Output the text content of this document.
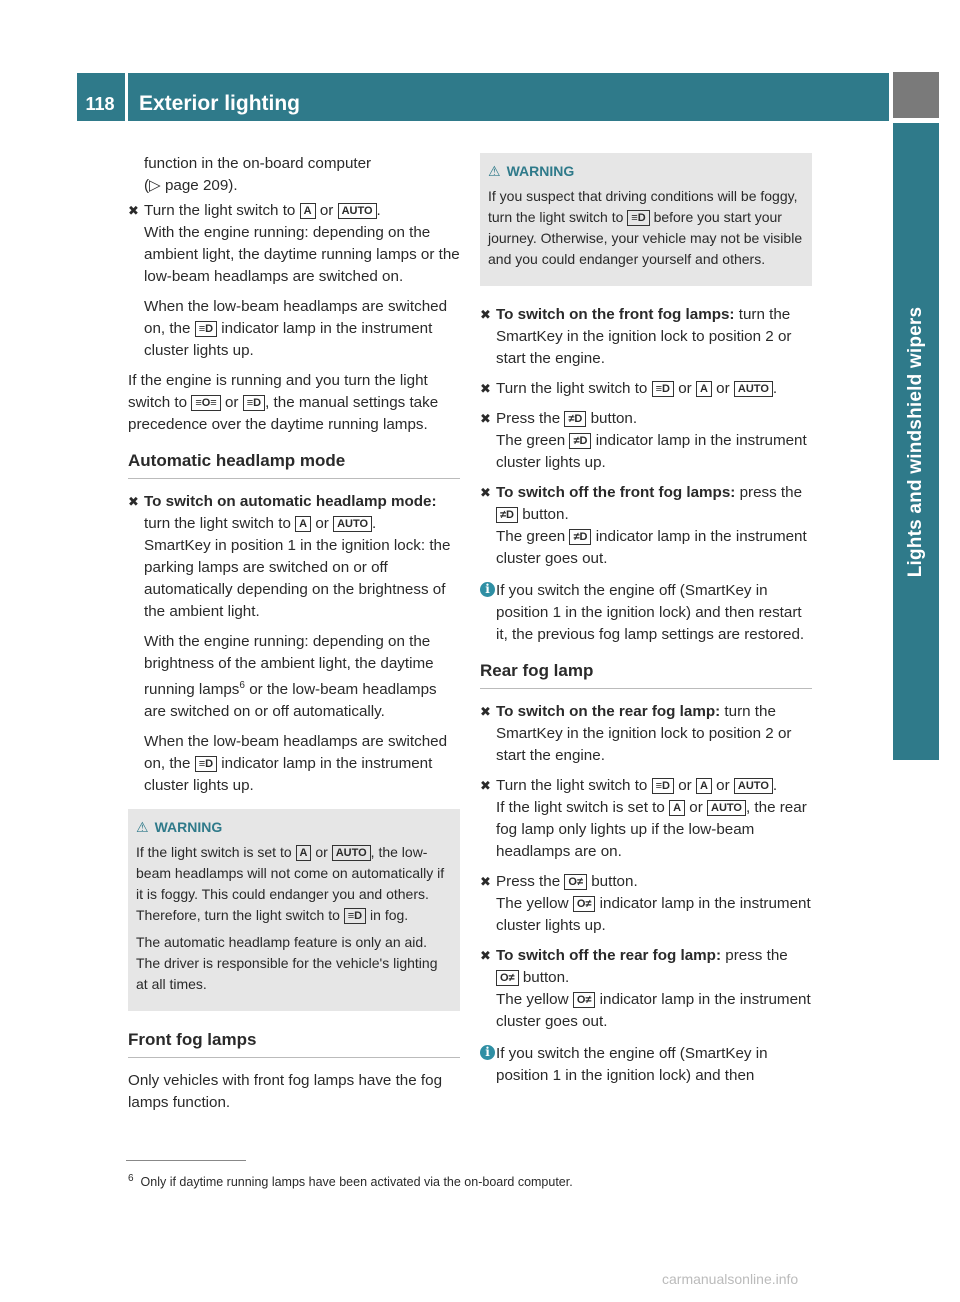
118	Exterior lighting
Lights and windshield wipers

function in the on-board computer
(▷ page 209).

✖ Turn the light switch to A or AUTO .
With the engine running: depending on the ambient light, the daytime running lamps or the low-beam headlamps are switched on.

When the low-beam headlamps are switched on, the ≡D indicator lamp in the instrument cluster lights up.

If the engine is running and you turn the light switch to ≡O≡ or ≡D , the manual settings take precedence over the daytime running lamps.

Automatic headlamp mode
✖ To switch on automatic headlamp mode: turn the light switch to A or AUTO .
SmartKey in position 1 in the ignition lock: the parking lamps are switched on or off automatically depending on the brightness of the ambient light.

With the engine running: depending on the brightness of the ambient light, the daytime running lamps$^6$ or the low-beam headlamps are switched on or off automatically.

When the low-beam headlamps are switched on, the ≡D indicator lamp in the instrument cluster lights up.

⚠ WARNING

If the light switch is set to A or AUTO , the low-beam headlamps will not come on automatically if it is foggy. This could endanger you and others. Therefore, turn the light switch to ≡D in fog.

The automatic headlamp feature is only an aid. The driver is responsible for the vehicle's lighting at all times.

Front fog lamps

Only vehicles with front fog lamps have the fog lamps function.

⚠ WARNING

If you suspect that driving conditions will be foggy, turn the light switch to ≡D before you start your journey. Otherwise, your vehicle may not be visible and you could endanger yourself and others.

✖ To switch on the front fog lamps: turn the SmartKey in the ignition lock to position 2 or start the engine.

✖ Turn the light switch to ≡D or A or AUTO .

✖ Press the ≠D button.
The green ≠D indicator lamp in the instrument cluster lights up.

✖ To switch off the front fog lamps: press the ≠D button.
The green ≠D indicator lamp in the instrument cluster goes out.

i If you switch the engine off (SmartKey in position 1 in the ignition lock) and then restart it, the previous fog lamp settings are restored.
Rear fog lamp
✖ To switch on the rear fog lamp: turn the SmartKey in the ignition lock to position 2 or start the engine.

✖ Turn the light switch to ≡D or A or AUTO .
If the light switch is set to A or AUTO , the rear fog lamp only lights up if the low-beam headlamps are on.

✖ Press the O≠ button.
The yellow O≠ indicator lamp in the instrument cluster lights up.

✖ To switch off the rear fog lamp: press the O≠ button.
The yellow O≠ indicator lamp in the instrument cluster goes out.

i If you switch the engine off (SmartKey in position 1 in the ignition lock) and then
$^6$ Only if daytime running lamps have been activated via the on-board computer.
carmanualsonline.info
